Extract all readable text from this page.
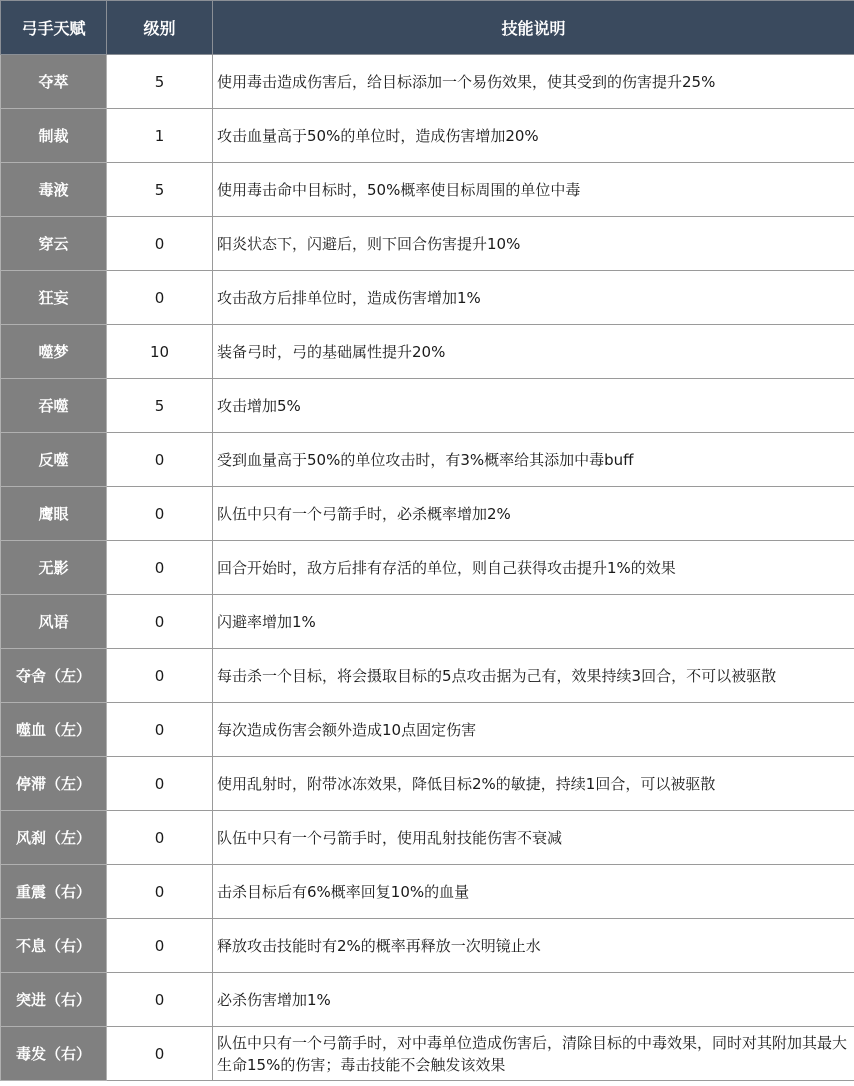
弓手天赋	级别	技能说明
夺萃	5	使用毒击造成伤害后，给目标添加一个易伤效果，使其受到的伤害提升25%
制裁	1	攻击血量高于50%的单位时，造成伤害增加20%
毒液	5	使用毒击命中目标时，50%概率使目标周围的单位中毒
穿云	0	阳炎状态下，闪避后，则下回合伤害提升10%
狂妄	0	攻击敌方后排单位时，造成伤害增加1%
噬梦	10	装备弓时，弓的基础属性提升20%
吞噬	5	攻击增加5%
反噬	0	受到血量高于50%的单位攻击时，有3%概率给其添加中毒buff
鹰眼	0	队伍中只有一个弓箭手时，必杀概率增加2%
无影	0	回合开始时，敌方后排有存活的单位，则自己获得攻击提升1%的效果
风语	0	闪避率增加1%
夺舍（左）	0	每击杀一个目标，将会摄取目标的5点攻击据为己有，效果持续3回合，不可以被驱散
噬血（左）	0	每次造成伤害会额外造成10点固定伤害
停滞（左）	0	使用乱射时，附带冰冻效果，降低目标2%的敏捷，持续1回合，可以被驱散
风刹（左）	0	队伍中只有一个弓箭手时，使用乱射技能伤害不衰减
重震（右）	0	击杀目标后有6%概率回复10%的血量
不息（右）	0	释放攻击技能时有2%的概率再释放一次明镜止水
突进（右）	0	必杀伤害增加1%
毒发（右）	0	队伍中只有一个弓箭手时，对中毒单位造成伤害后，清除目标的中毒效果，同时对其附加其最大生命15%的伤害；毒击技能不会触发该效果
